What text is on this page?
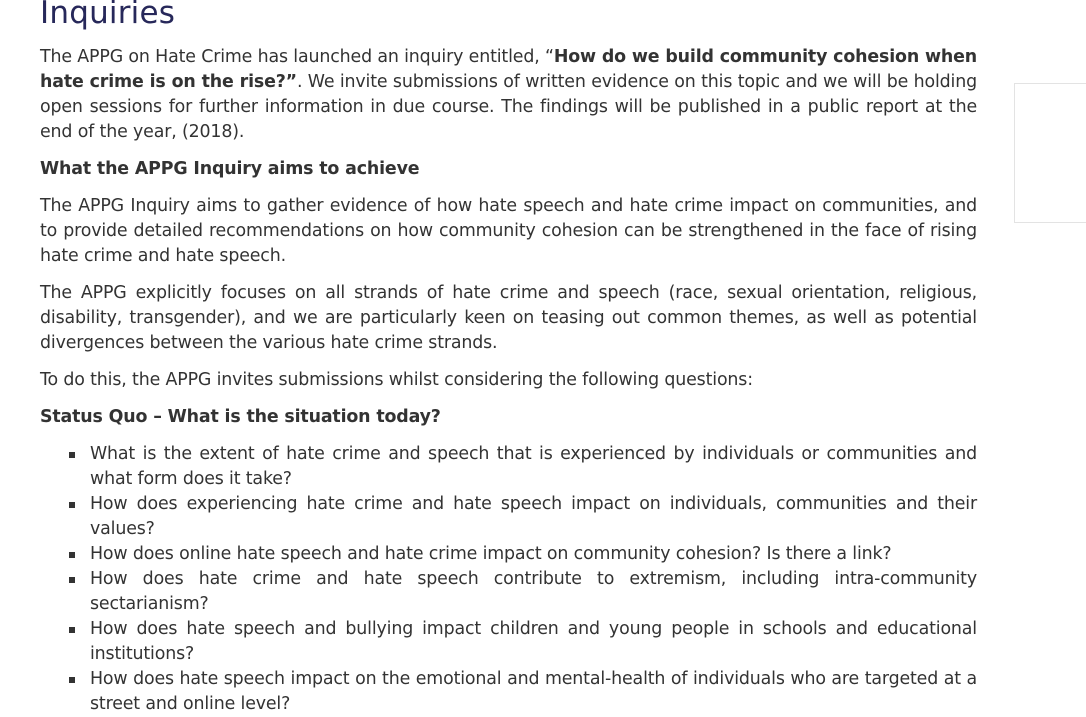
Inquiries

The APPG on Hate Crime has launched an inquiry entitled, “How do we build community cohesion when hate crime is on the rise?”. We invite submissions of written evidence on this topic and we will be holding open sessions for further information in due course. The findings will be published in a public report at the end of the year, (2018).

What the APPG Inquiry aims to achieve

The APPG Inquiry aims to gather evidence of how hate speech and hate crime impact on communities, and to provide detailed recommendations on how community cohesion can be strengthened in the face of rising hate crime and hate speech.

The APPG explicitly focuses on all strands of hate crime and speech (race, sexual orientation, religious, disability, transgender), and we are particularly keen on teasing out common themes, as well as potential divergences between the various hate crime strands.

To do this, the APPG invites submissions whilst considering the following questions:

Status Quo – What is the situation today?
What is the extent of hate crime and speech that is experienced by individuals or communities and what form does it take?
How does experiencing hate crime and hate speech impact on individuals, communities and their values?
How does online hate speech and hate crime impact on community cohesion? Is there a link?
How does hate crime and hate speech contribute to extremism, including intra-community sectarianism?
How does hate speech and bullying impact children and young people in schools and educational institutions?
How does hate speech impact on the emotional and mental-health of individuals who are targeted at a street and online level?
